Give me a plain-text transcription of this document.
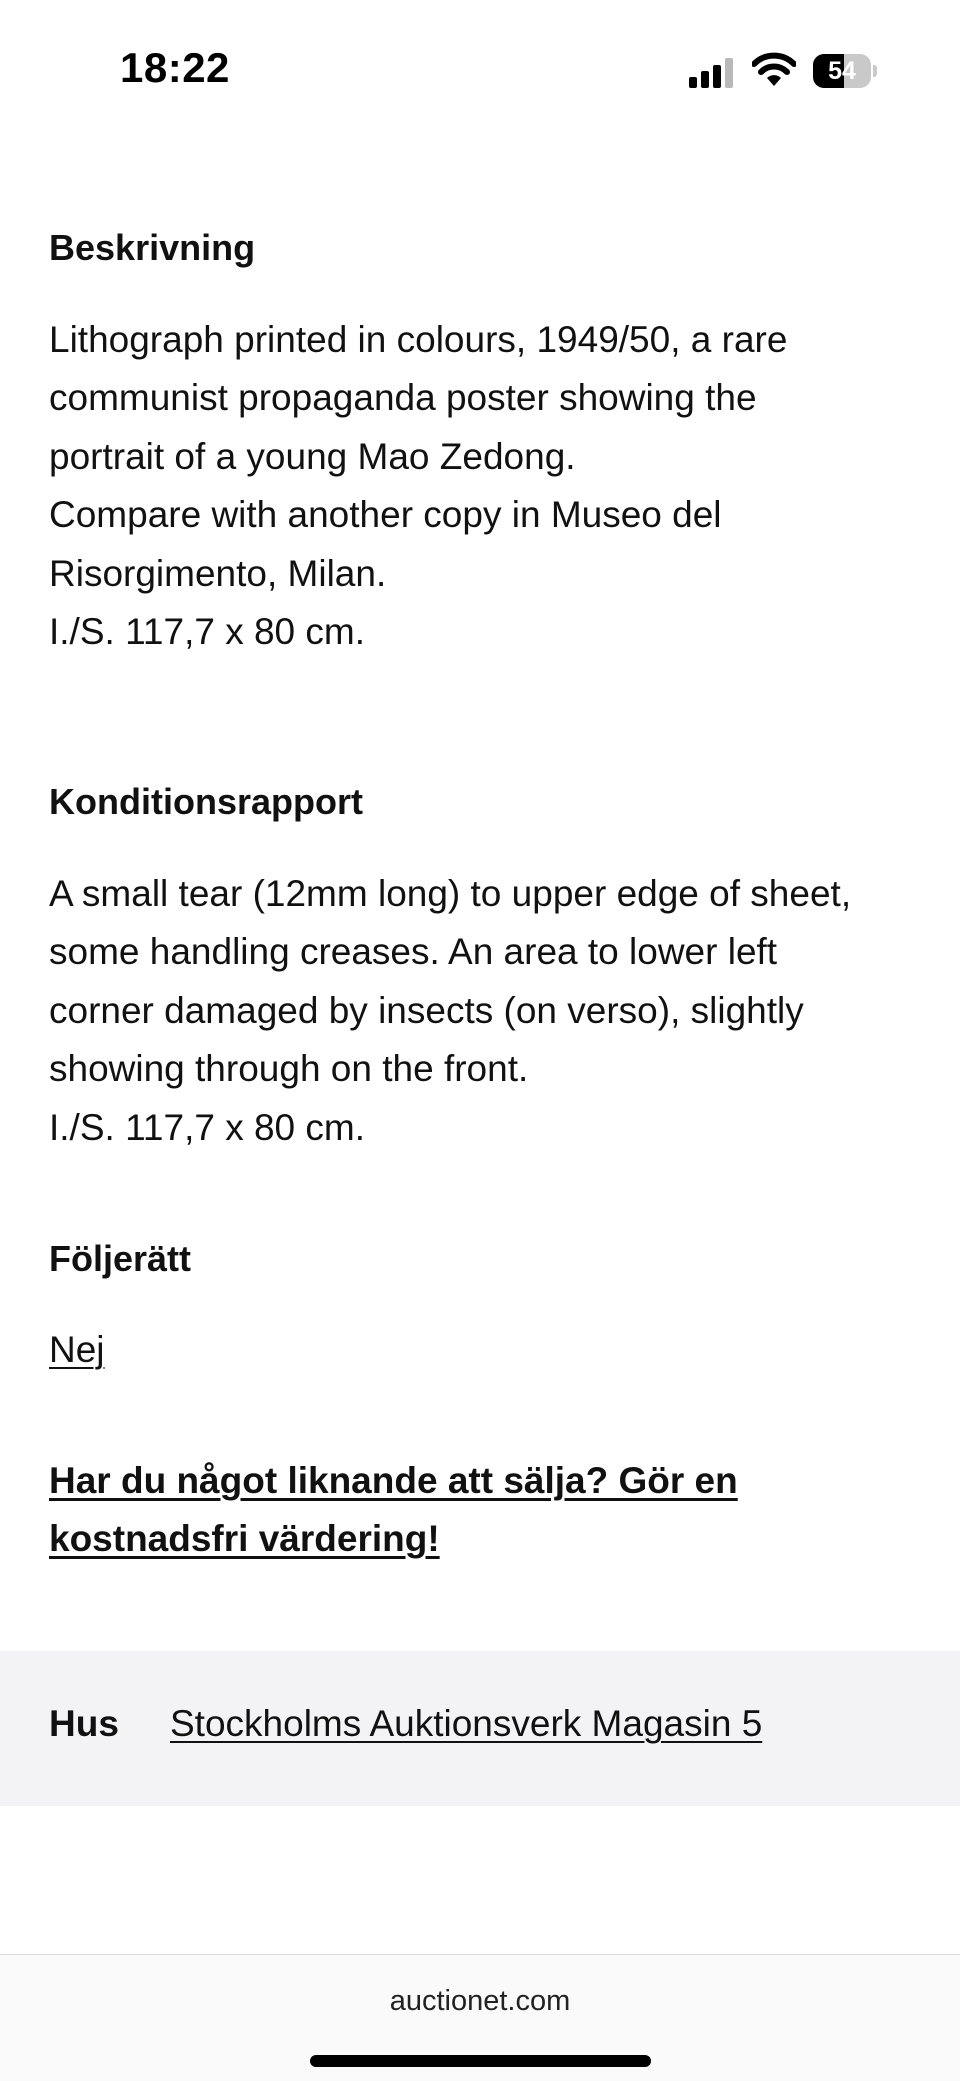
18:22	54
Beskrivning
Lithograph printed in colours, 1949/50, a rare
communist propaganda poster showing the
portrait of a young Mao Zedong.
Compare with another copy in Museo del
Risorgimento, Milan.
I./S. 117,7 x 80 cm.
Konditionsrapport
A small tear (12mm long) to upper edge of sheet,
some handling creases. An area to lower left
corner damaged by insects (on verso), slightly
showing through on the front.
I./S. 117,7 x 80 cm.
Följerätt
Nej
Har du något liknande att sälja? Gör en
kostnadsfri värdering!
Hus Stockholms Auktionsverk Magasin 5
auctionet.com
